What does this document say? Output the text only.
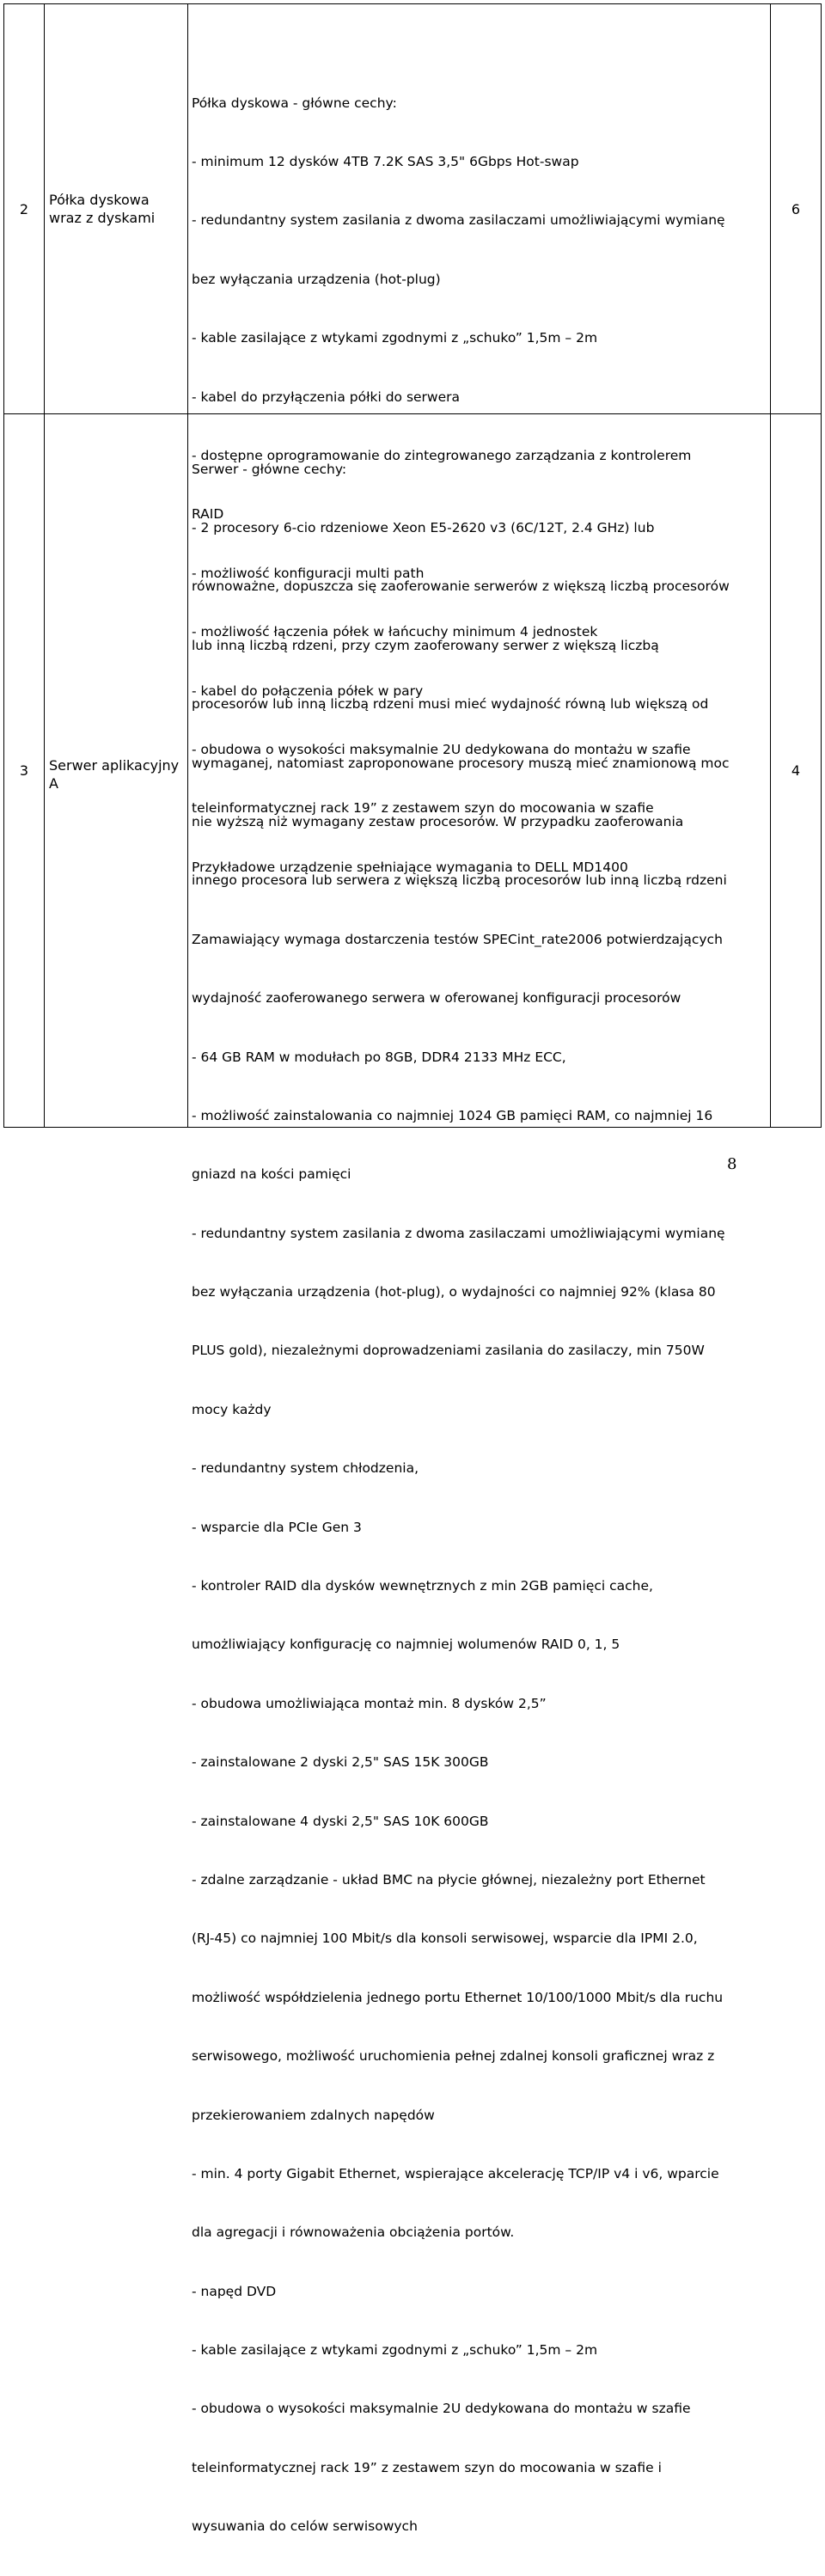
2
Półka dyskowa
wraz z dyskami

Półka dyskowa - główne cechy:

- minimum 12 dysków 4TB 7.2K SAS 3,5" 6Gbps Hot-swap

- redundantny system zasilania z dwoma zasilaczami umożliwiającymi wymianę

bez wyłączania urządzenia (hot-plug)

- kable zasilające z wtykami zgodnymi z „schuko” 1,5m – 2m

- kabel do przyłączenia półki do serwera

- dostępne oprogramowanie do zintegrowanego zarządzania z kontrolerem

RAID

- możliwość konfiguracji multi path

- możliwość łączenia półek w łańcuchy minimum 4 jednostek

- kabel do połączenia półek w pary

- obudowa o wysokości maksymalnie 2U dedykowana do montażu w szafie

teleinformatycznej rack 19” z zestawem szyn do mocowania w szafie

Przykładowe urządzenie spełniające wymagania to DELL MD1400

6
3 Serwer aplikacyjny
A

Serwer - główne cechy:

- 2 procesory 6-cio rdzeniowe Xeon E5-2620 v3 (6C/12T, 2.4 GHz) lub

równoważne, dopuszcza się zaoferowanie serwerów z większą liczbą procesorów

lub inną liczbą rdzeni, przy czym zaoferowany serwer z większą liczbą

procesorów lub inną liczbą rdzeni musi mieć wydajność równą lub większą od

wymaganej, natomiast zaproponowane procesory muszą mieć znamionową moc

nie wyższą niż wymagany zestaw procesorów. W przypadku zaoferowania

innego procesora lub serwera z większą liczbą procesorów lub inną liczbą rdzeni

Zamawiający wymaga dostarczenia testów SPECint_rate2006 potwierdzających

wydajność zaoferowanego serwera w oferowanej konfiguracji procesorów

- 64 GB RAM w modułach po 8GB, DDR4 2133 MHz ECC,

- możliwość zainstalowania co najmniej 1024 GB pamięci RAM, co najmniej 16

gniazd na kości pamięci

- redundantny system zasilania z dwoma zasilaczami umożliwiającymi wymianę

bez wyłączania urządzenia (hot-plug), o wydajności co najmniej 92% (klasa 80

PLUS gold), niezależnymi doprowadzeniami zasilania do zasilaczy, min 750W

mocy każdy

- redundantny system chłodzenia,

- wsparcie dla PCIe Gen 3

- kontroler RAID dla dysków wewnętrznych z min 2GB pamięci cache,

umożliwiający konfigurację co najmniej wolumenów RAID 0, 1, 5

- obudowa umożliwiająca montaż min. 8 dysków 2,5”

- zainstalowane 2 dyski 2,5" SAS 15K 300GB

- zainstalowane 4 dyski 2,5" SAS 10K 600GB

- zdalne zarządzanie - układ BMC na płycie głównej, niezależny port Ethernet

(RJ-45) co najmniej 100 Mbit/s dla konsoli serwisowej, wsparcie dla IPMI 2.0,

możliwość współdzielenia jednego portu Ethernet 10/100/1000 Mbit/s dla ruchu

serwisowego, możliwość uruchomienia pełnej zdalnej konsoli graficznej wraz z

przekierowaniem zdalnych napędów

- min. 4 porty Gigabit Ethernet, wspierające akcelerację TCP/IP v4 i v6, wparcie

dla agregacji i równoważenia obciążenia portów.

- napęd DVD

- kable zasilające z wtykami zgodnymi z „schuko” 1,5m – 2m

- obudowa o wysokości maksymalnie 2U dedykowana do montażu w szafie

teleinformatycznej rack 19” z zestawem szyn do mocowania w szafie i

wysuwania do celów serwisowych

4
8
